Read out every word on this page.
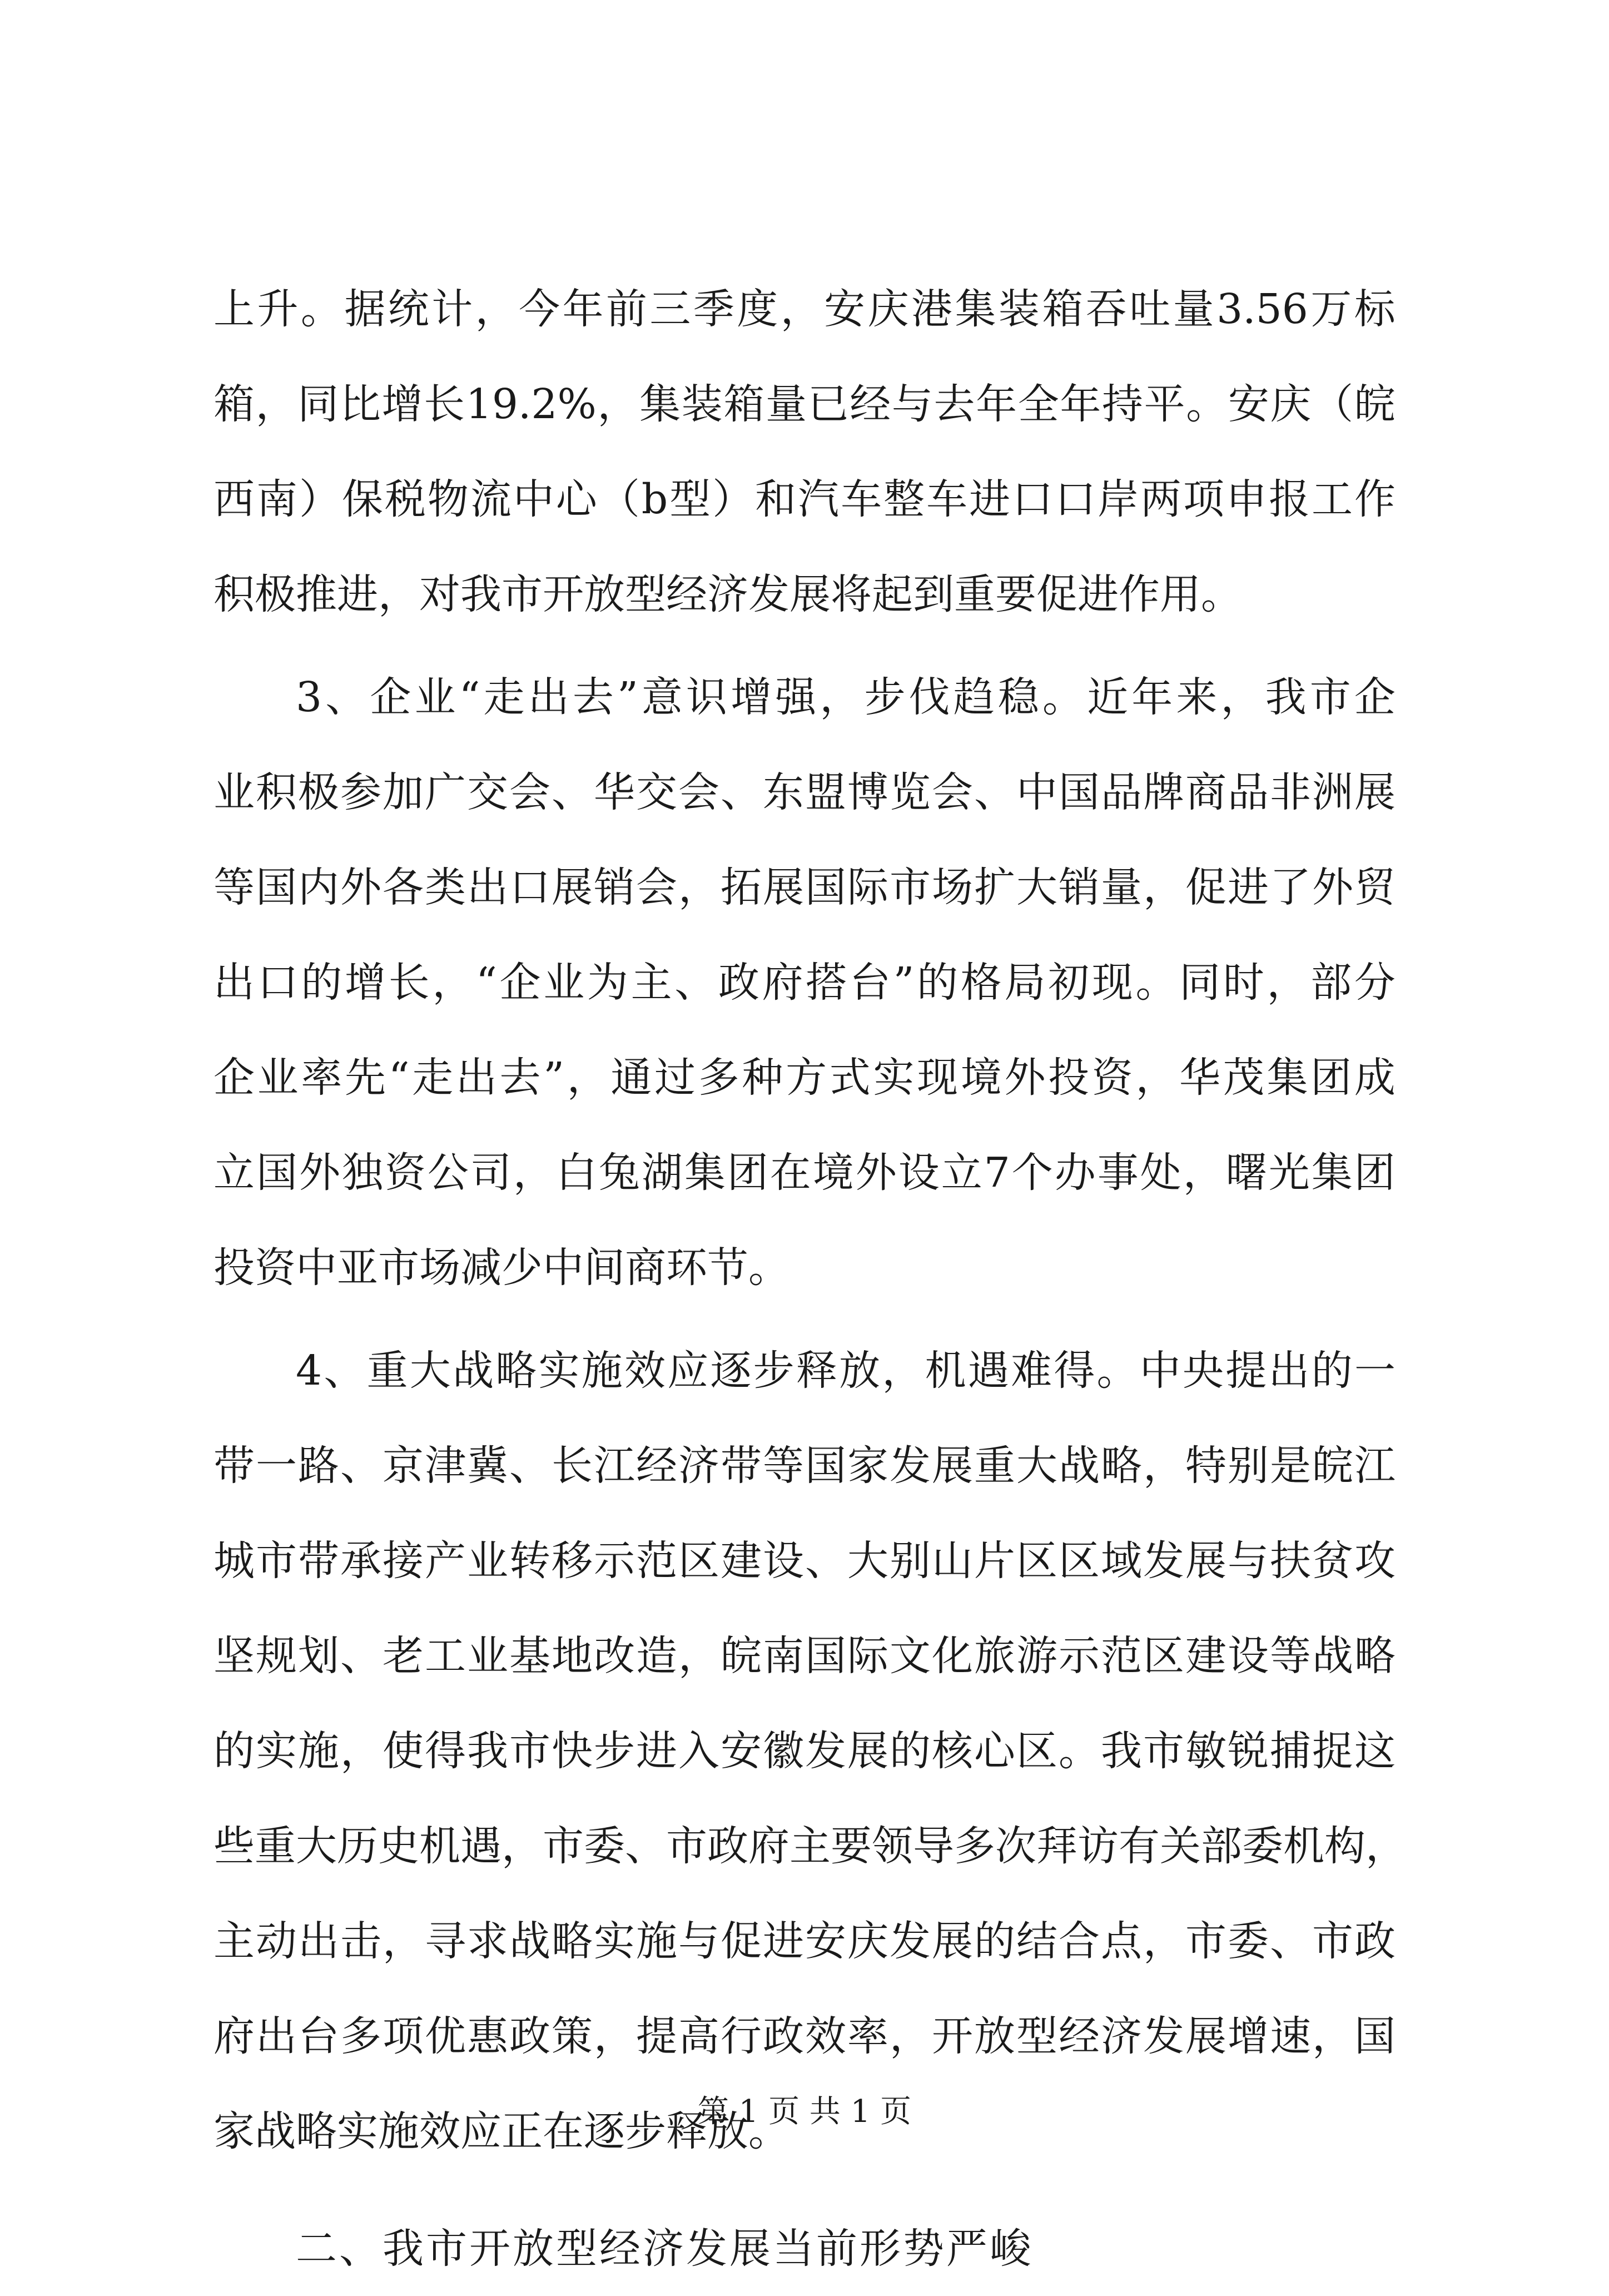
上 升 。 据 统 计 ， 今 年 前 三 季 度 ， 安 庆 港 集 装 箱 吞 吐 量 3.56 万 标
箱 ， 同 比 增 长 19.2% ， 集 装 箱 量 已 经 与 去 年 全 年 持 平 。 安 庆 （ 皖
西 南 ） 保 税 物 流 中 心 （ b 型 ） 和 汽 车 整 车 进 口 口 岸 两 项 申 报 工 作
积极推进，对我市开放型经济发展将起到重要促进作用。
3 、 企 业 “ 走 出 去 ” 意 识 增 强 ， 步 伐 趋 稳 。 近 年 来 ， 我 市 企
业 积 极 参 加 广 交 会 、 华 交 会 、 东 盟 博 览 会 、 中 国 品 牌 商 品 非 洲 展
等 国 内 外 各 类 出 口 展 销 会 ， 拓 展 国 际 市 场 扩 大 销 量 ， 促 进 了 外 贸
出 口 的 增 长 ， “ 企 业 为 主 、 政 府 搭 台 ” 的 格 局 初 现 。 同 时 ， 部 分
企 业 率 先 “ 走 出 去 ” ， 通 过 多 种 方 式 实 现 境 外 投 资 ， 华 茂 集 团 成
立 国 外 独 资 公 司 ， 白 兔 湖 集 团 在 境 外 设 立 7 个 办 事 处 ， 曙 光 集 团
投资中亚市场减少中间商环节。
4 、 重 大 战 略 实 施 效 应 逐 步 释 放 ， 机 遇 难 得 。 中 央 提 出 的 一
带 一 路 、 京 津 冀 、 长 江 经 济 带 等 国 家 发 展 重 大 战 略 ， 特 别 是 皖 江
城 市 带 承 接 产 业 转 移 示 范 区 建 设 、 大 别 山 片 区 区 域 发 展 与 扶 贫 攻
坚 规 划 、 老 工 业 基 地 改 造 ， 皖 南 国 际 文 化 旅 游 示 范 区 建 设 等 战 略
的 实 施 ， 使 得 我 市 快 步 进 入 安 徽 发 展 的 核 心 区 。 我 市 敏 锐 捕 捉 这
些 重 大 历 史 机 遇 ， 市 委 、 市 政 府 主 要 领 导 多 次 拜 访 有 关 部 委 机 构 ，
主 动 出 击 ， 寻 求 战 略 实 施 与 促 进 安 庆 发 展 的 结 合 点 ， 市 委 、 市 政
府 出 台 多 项 优 惠 政 策 ， 提 高 行 政 效 率 ， 开 放 型 经 济 发 展 增 速 ， 国
家战略实施效应正在逐步释放。
二、我市开放型经济发展当前形势严峻
第 1 页 共 1 页
